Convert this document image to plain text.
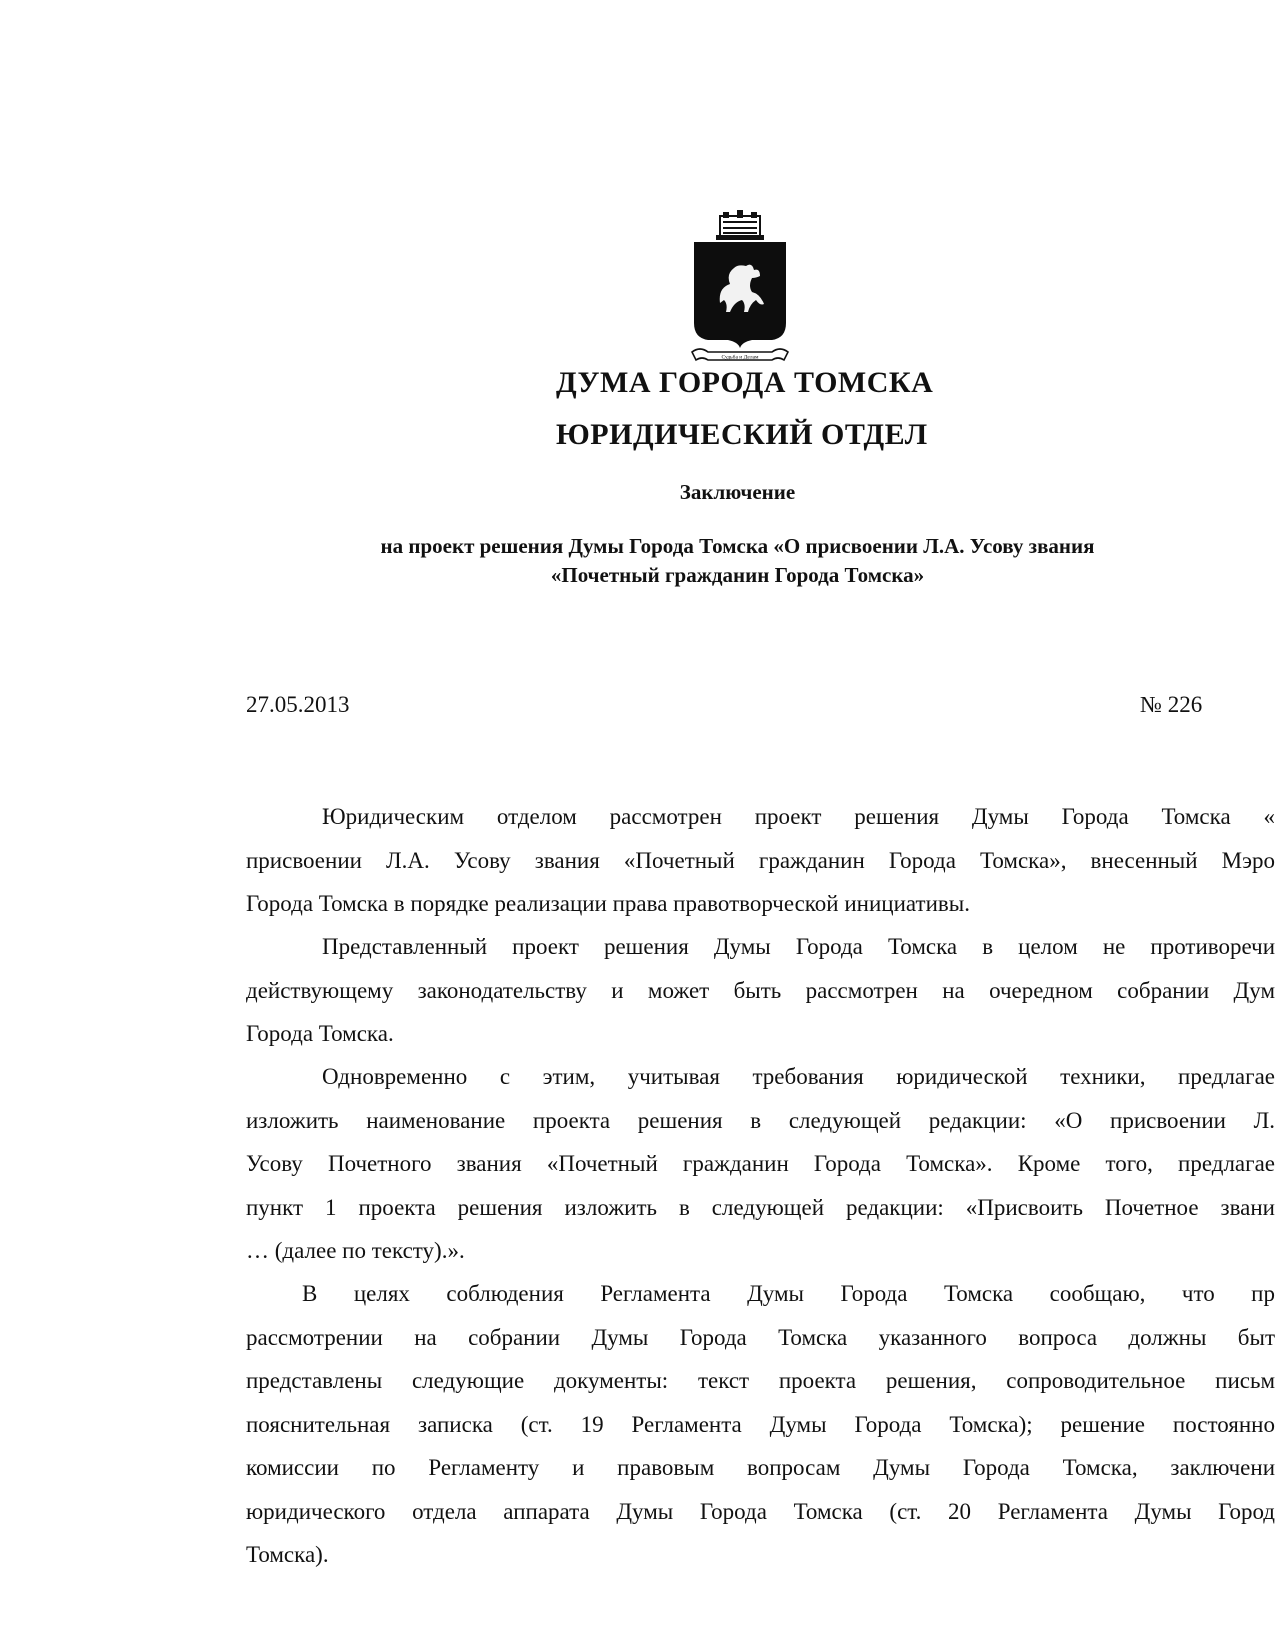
Судьба и Делам
ДУМА ГОРОДА ТОМСКА
ЮРИДИЧЕСКИЙ ОТДЕЛ
Заключение
на проект решения Думы Города Томска «О присвоении Л.А. Усову звания
«Почетный гражданин Города Томска»
27.05.2013	№ 226
Юридическим отделом рассмотрен проект решения Думы Города Томска «
присвоении Л.А. Усову звания «Почетный гражданин Города Томска», внесенный Мэро
Города Томска в порядке реализации права правотворческой инициативы.
Представленный проект решения Думы Города Томска в целом не противоречи
действующему законодательству и может быть рассмотрен на очередном собрании Дум
Города Томска.
Одновременно с этим, учитывая требования юридической техники, предлагае
изложить наименование проекта решения в следующей редакции: «О присвоении Л.
Усову Почетного звания «Почетный гражданин Города Томска». Кроме того, предлагае
пункт 1 проекта решения изложить в следующей редакции: «Присвоить Почетное звани
… (далее по тексту).».
В целях соблюдения Регламента Думы Города Томска сообщаю, что пр
рассмотрении на собрании Думы Города Томска указанного вопроса должны быт
представлены следующие документы: текст проекта решения, сопроводительное письм
пояснительная записка (ст. 19 Регламента Думы Города Томска); решение постоянно
комиссии по Регламенту и правовым вопросам Думы Города Томска, заключени
юридического отдела аппарата Думы Города Томска (ст. 20 Регламента Думы Город
Томска).
